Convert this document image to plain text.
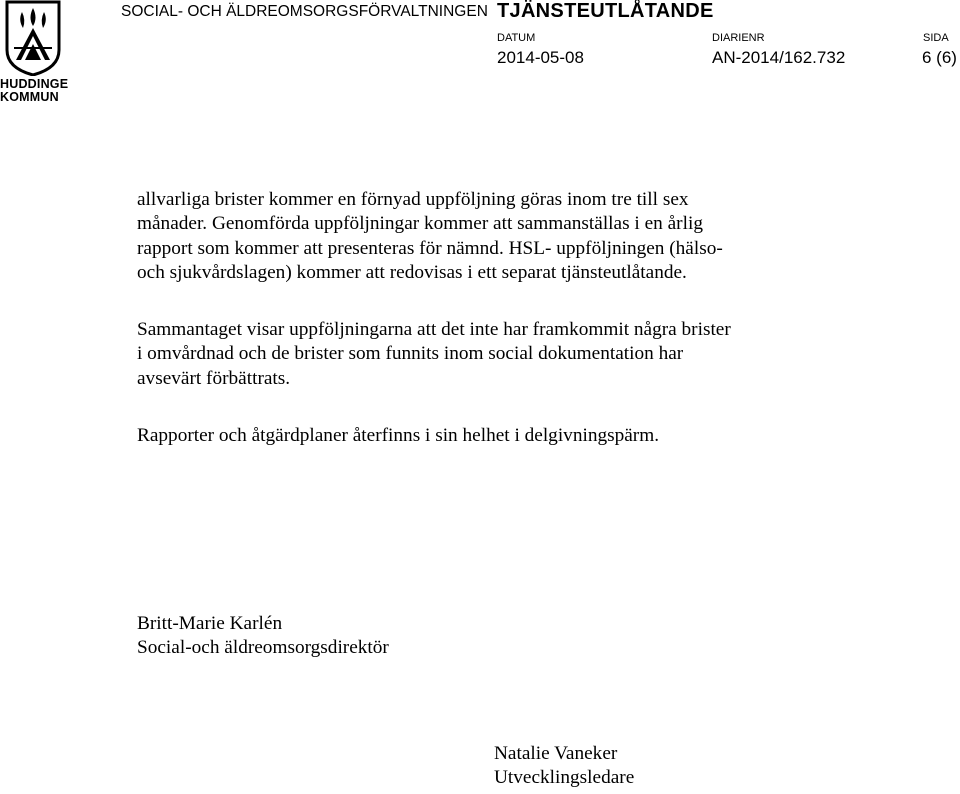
HUDDINGE
KOMMUN
SOCIAL- OCH ÄLDREOMSORGSFÖRVALTNINGEN TJÄNSTEUTLÅTANDE
DATUM
2014-05-08
DIARIENR
AN-2014/162.732
SIDA
6 (6)
allvarliga brister kommer en förnyad uppföljning göras inom tre till sex
månader. Genomförda uppföljningar kommer att sammanställas i en årlig
rapport som kommer att presenteras för nämnd. HSL- uppföljningen (hälso-
och sjukvårdslagen) kommer att redovisas i ett separat tjänsteutlåtande.
Sammantaget visar uppföljningarna att det inte har framkommit några brister
i omvårdnad och de brister som funnits inom social dokumentation har
avsevärt förbättrats.
Rapporter och åtgärdplaner återfinns i sin helhet i delgivningspärm.
Britt-Marie Karlén
Social-och äldreomsorgsdirektör
Natalie Vaneker
Utvecklingsledare
